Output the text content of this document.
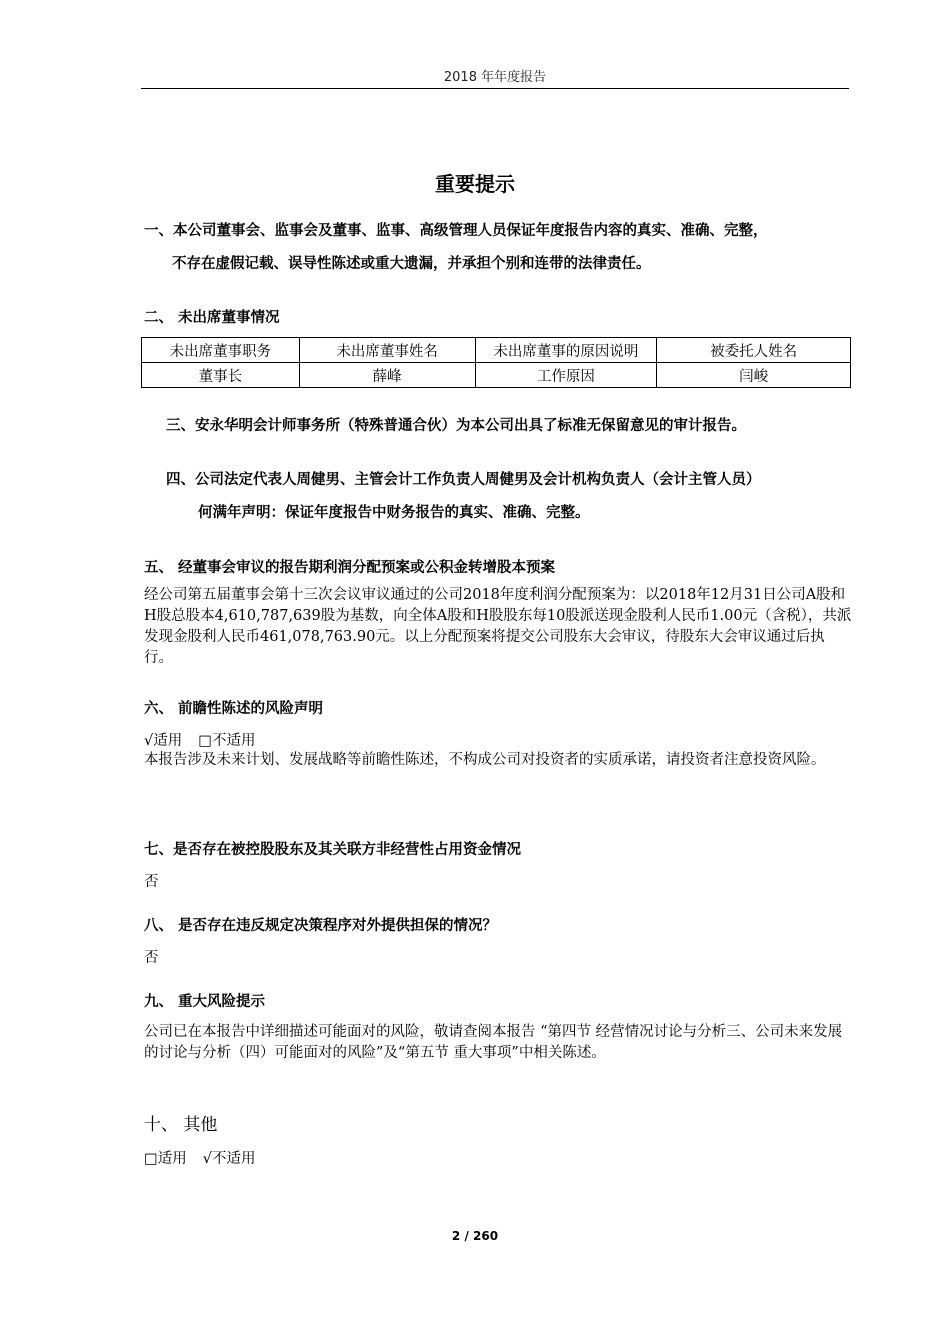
2018 年年度报告
重要提示
一、本公司董事会、监事会及董事、监事、高级管理人员保证年度报告内容的真实、准确、完整，
不存在虚假记载、误导性陈述或重大遗漏，并承担个别和连带的法律责任。
二、 未出席董事情况
未出席董事职务	未出席董事姓名	未出席董事的原因说明	被委托人姓名
董事长	薛峰	工作原因	闫峻
三、安永华明会计师事务所（特殊普通合伙）为本公司出具了标准无保留意见的审计报告。
四、公司法定代表人周健男、主管会计工作负责人周健男及会计机构负责人（会计主管人员）
何满年声明：保证年度报告中财务报告的真实、准确、完整。
五、 经董事会审议的报告期利润分配预案或公积金转增股本预案
经公司第五届董事会第十三次会议审议通过的公司2018年度利润分配预案为：以2018年12月31日公司A股和H股总股本4,610,787,639股为基数，向全体A股和H股股东每10股派送现金股利人民币1.00元（含税），共派发现金股利人民币461,078,763.90元。以上分配预案将提交公司股东大会审议，待股东大会审议通过后执行。
六、 前瞻性陈述的风险声明
√适用 □不适用
本报告涉及未来计划、发展战略等前瞻性陈述，不构成公司对投资者的实质承诺，请投资者注意投资风险。
七、是否存在被控股股东及其关联方非经营性占用资金情况
否
八、 是否存在违反规定决策程序对外提供担保的情况？
否
九、 重大风险提示
公司已在本报告中详细描述可能面对的风险，敬请查阅本报告 “第四节 经营情况讨论与分析三、公司未来发展的讨论与分析（四）可能面对的风险”及“第五节 重大事项”中相关陈述。
十、 其他
□适用 √不适用
2 / 260
